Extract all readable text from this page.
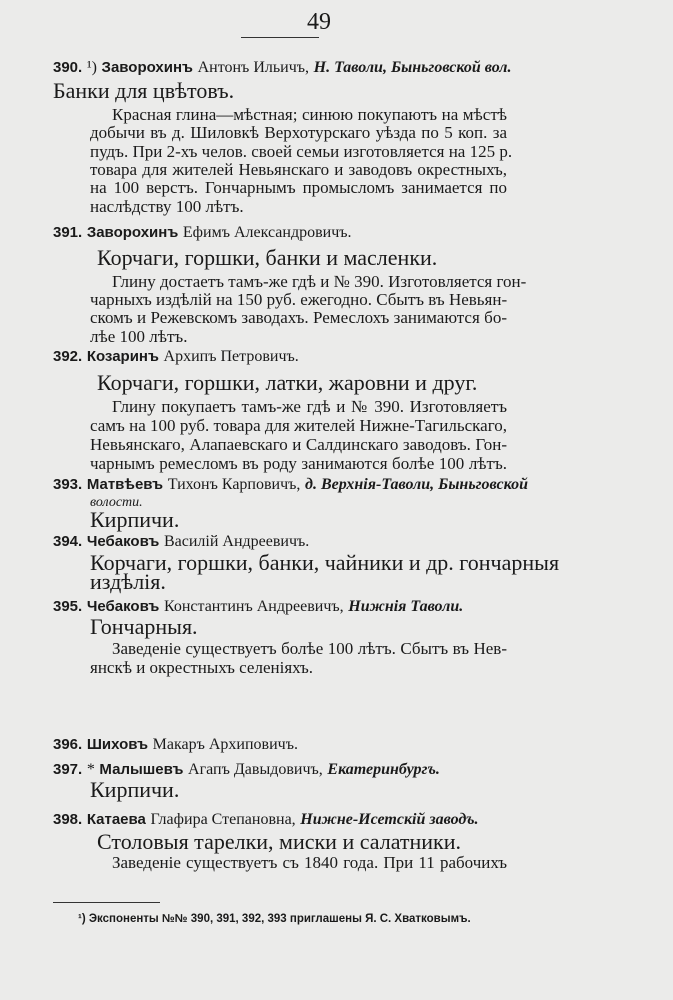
49
390. ¹) Заворохинъ Антонъ Ильичъ, Н. Таволи, Быньговской вол.
Банки для цвѣтовъ.
Красная глина—мѣстная; синюю покупаютъ на мѣстѣ
добычи въ д. Шиловкѣ Верхотурскаго уѣзда по 5 коп. за
пудъ. При 2-хъ челов. своей семьи изготовляется на 125 р.
товара для жителей Невьянскаго и заводовъ окрестныхъ,
на 100 верстъ. Гончарнымъ промысломъ занимается по
наслѣдству 100 лѣтъ.
391. Заворохинъ Ефимъ Александровичъ.
Корчаги, горшки, банки и масленки.
Глину достаетъ тамъ-же гдѣ и № 390. Изготовляется гон-
чарныхъ издѣлій на 150 руб. ежегодно. Сбытъ въ Невьян-
скомъ и Режевскомъ заводахъ. Ремеслохъ занимаются бо-
лѣе 100 лѣтъ.
392. Козаринъ Архипъ Петровичъ.
Корчаги, горшки, латки, жаровни и друг.
Глину покупаетъ тамъ-же гдѣ и № 390. Изготовляетъ
самъ на 100 руб. товара для жителей Нижне-Тагильскаго,
Невьянскаго, Алапаевскаго и Салдинскаго заводовъ. Гон-
чарнымъ ремесломъ въ роду занимаются болѣе 100 лѣтъ.
393. Матвѣевъ Тихонъ Карповичъ, д. Верхнія-Таволи, Быньговской
волости.
Кирпичи.
394. Чебаковъ Василій Андреевичъ.
Корчаги, горшки, банки, чайники и др. гончарныя
издѣлія.
395. Чебаковъ Константинъ Андреевичъ, Нижнія Таволи.
Гончарныя.
Заведеніе существуетъ болѣе 100 лѣтъ. Сбытъ въ Нев-
янскѣ и окрестныхъ селеніяхъ.
396. Шиховъ Макаръ Архиповичъ.
397. * Малышевъ Агапъ Давыдовичъ, Екатеринбургъ.
Кирпичи.
398. Катаева Глафира Степановна, Нижне-Исетскій заводъ.
Столовыя тарелки, миски и салатники.
Заведеніе существуетъ съ 1840 года. При 11 рабочихъ
¹) Экспоненты №№ 390, 391, 392, 393 приглашены Я. С. Хватковымъ.
